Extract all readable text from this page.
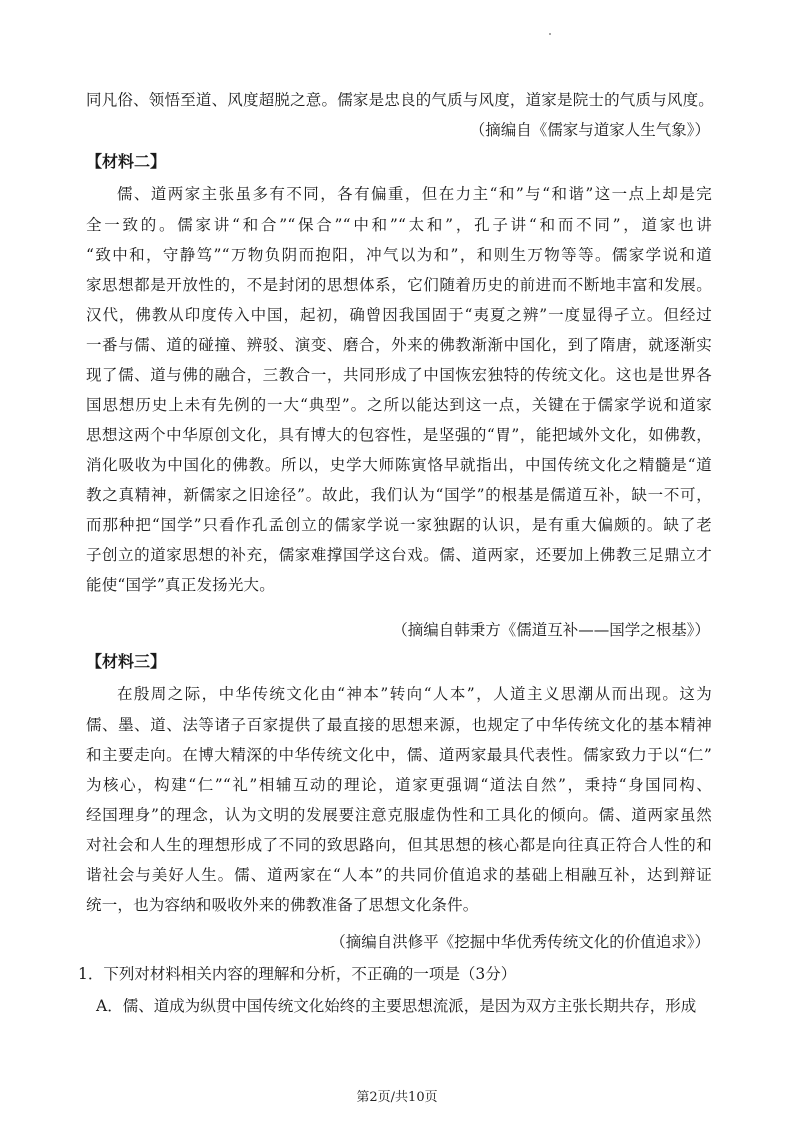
同凡俗、领悟至道、风度超脱之意。儒家是忠良的气质与风度，道家是院士的气质与风度。
（摘编自《儒家与道家人生气象》）
【材料二】
儒、道两家主张虽多有不同，各有偏重，但在力主“和”与“和谐”这一点上却是完
全一致的。儒家讲“和合”“保合”“中和”“太和”，孔子讲“和而不同”，道家也讲
“致中和，守静笃”“万物负阴而抱阳，冲气以为和”，和则生万物等等。儒家学说和道
家思想都是开放性的，不是封闭的思想体系，它们随着历史的前进而不断地丰富和发展。
汉代，佛教从印度传入中国，起初，确曾因我国固于“夷夏之辨”一度显得孑立。但经过
一番与儒、道的碰撞、辨驳、演变、磨合，外来的佛教渐渐中国化，到了隋唐，就逐渐实
现了儒、道与佛的融合，三教合一，共同形成了中国恢宏独特的传统文化。这也是世界各
国思想历史上未有先例的一大“典型”。之所以能达到这一点，关键在于儒家学说和道家
思想这两个中华原创文化，具有博大的包容性，是坚强的“胃”，能把域外文化，如佛教，
消化吸收为中国化的佛教。所以，史学大师陈寅恪早就指出，中国传统文化之精髓是“道
教之真精神，新儒家之旧途径”。故此，我们认为“国学”的根基是儒道互补，缺一不可，
而那种把“国学”只看作孔孟创立的儒家学说一家独踞的认识，是有重大偏颇的。缺了老
子创立的道家思想的补充，儒家难撑国学这台戏。儒、道两家，还要加上佛教三足鼎立才
能使“国学”真正发扬光大。
（摘编自韩秉方《儒道互补——国学之根基》）
【材料三】
在殷周之际，中华传统文化由“神本”转向“人本”，人道主义思潮从而出现。这为
儒、墨、道、法等诸子百家提供了最直接的思想来源，也规定了中华传统文化的基本精神
和主要走向。在博大精深的中华传统文化中，儒、道两家最具代表性。儒家致力于以“仁”
为核心，构建“仁”“礼”相辅互动的理论，道家更强调“道法自然”，秉持“身国同构、
经国理身”的理念，认为文明的发展要注意克服虚伪性和工具化的倾向。儒、道两家虽然
对社会和人生的理想形成了不同的致思路向，但其思想的核心都是向往真正符合人性的和
谐社会与美好人生。儒、道两家在“人本”的共同价值追求的基础上相融互补，达到辩证
统一，也为容纳和吸收外来的佛教准备了思想文化条件。
（摘编自洪修平《挖掘中华优秀传统文化的价值追求》）
1．下列对材料相关内容的理解和分析，不正确的一项是（3分）
A．儒、道成为纵贯中国传统文化始终的主要思想流派，是因为双方主张长期共存，形成
第2页/共10页
